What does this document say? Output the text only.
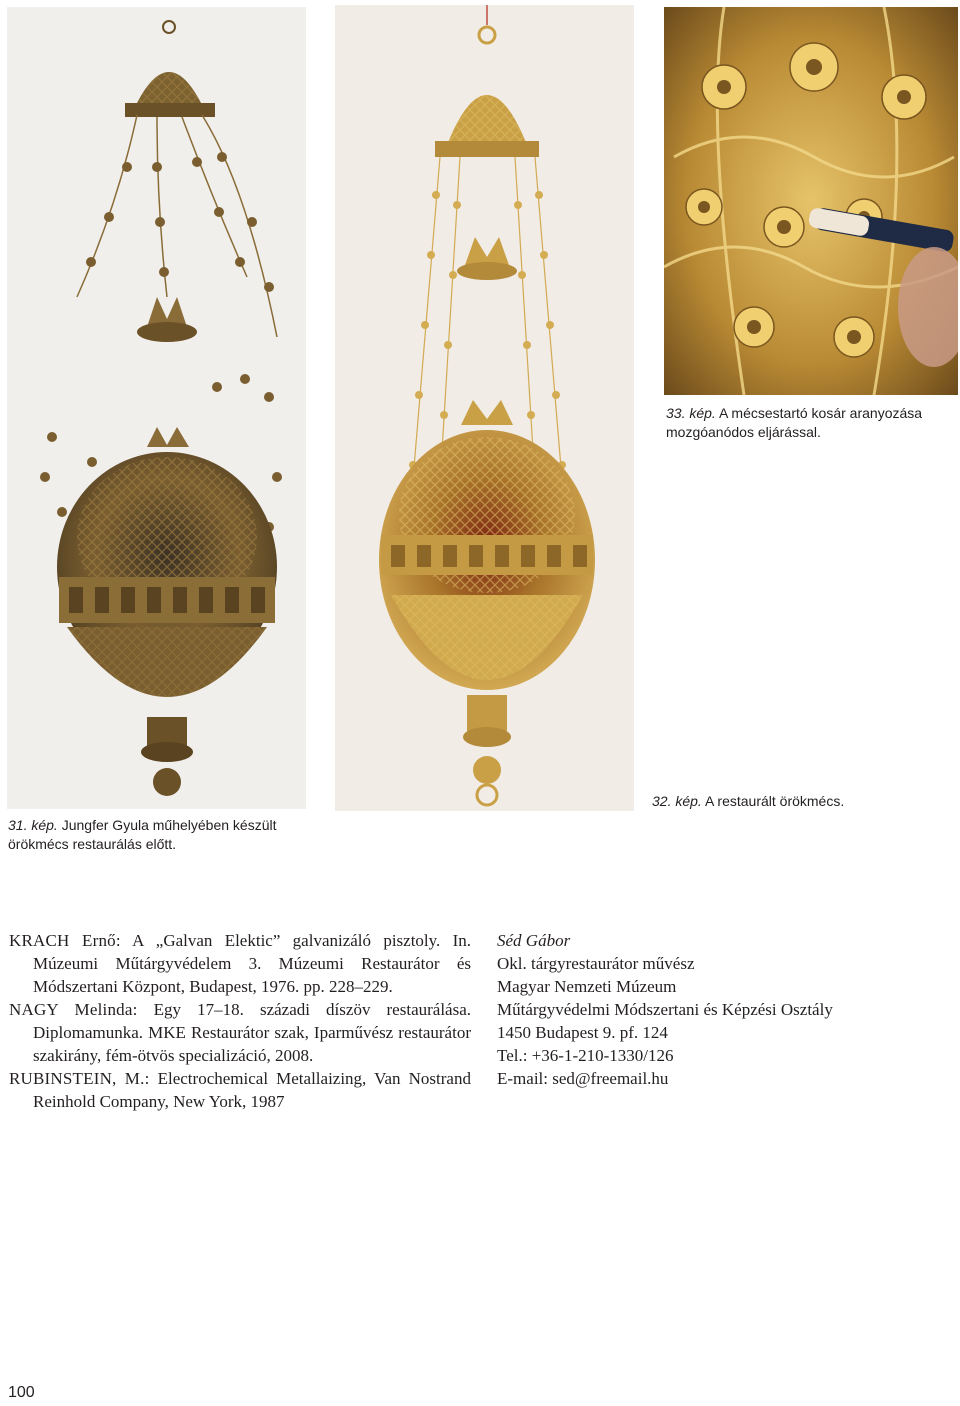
31. kép. Jungfer Gyula műhelyében készült
örökmécs restaurálás előtt.
32. kép. A restaurált örökmécs.
33. kép. A mécsestartó kosár aranyozása
mozgóanódos eljárással.

KRACH Ernő: A „Galvan Elektic” galvanizáló pisztoly. In. Múzeumi Műtárgyvédelem 3. Múzeumi Restaurátor és Módszertani Központ, Budapest, 1976. pp. 228–229.

NAGY Melinda: Egy 17–18. századi díszöv restaurálása. Diplomamunka. MKE Restaurátor szak, Iparművész restaurátor szakirány, fém-ötvös specializáció, 2008.

RUBINSTEIN, M.: Electrochemical Metallaizing, Van Nostrand Reinhold Company, New York, 1987

Séd Gábor
Okl. tárgyrestaurátor művész
Magyar Nemzeti Múzeum
Műtárgyvédelmi Módszertani és Képzési Osztály
1450 Budapest 9. pf. 124
Tel.: +36-1-210-1330/126
E-mail: sed@freemail.hu
100
